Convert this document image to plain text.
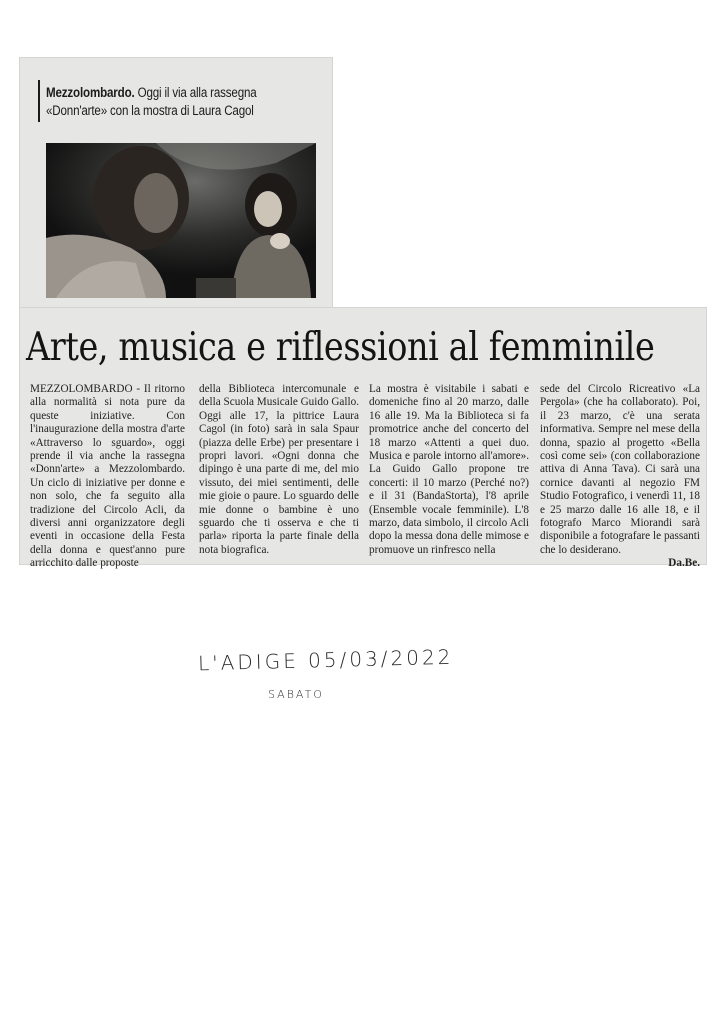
Mezzolombardo. Oggi il via alla rassegna «Donn'arte» con la mostra di Laura Cagol
Arte, musica e riflessioni al femminile

MEZZOLOMBARDO - Il ritorno alla normalità si nota pure da queste iniziative. Con l'inaugurazione della mostra d'arte «Attraverso lo sguardo», oggi prende il via anche la rassegna «Donn'arte» a Mezzolombardo. Un ciclo di iniziative per donne e non solo, che fa seguito alla tradizione del Circolo Acli, da diversi anni organizzatore degli eventi in occasione della Festa della donna e quest'anno pure arricchito dalle proposte

della Biblioteca intercomunale e della Scuola Musicale Guido Gallo. Oggi alle 17, la pittrice Laura Cagol (in foto) sarà in sala Spaur (piazza delle Erbe) per presentare i propri lavori. «Ogni donna che dipingo è una parte di me, del mio vissuto, dei miei sentimenti, delle mie gioie o paure. Lo sguardo delle mie donne o bambine è uno sguardo che ti osserva e che ti parla» riporta la parte finale della nota biografica.

La mostra è visitabile i sabati e domeniche fino al 20 marzo, dalle 16 alle 19. Ma la Biblioteca si fa promotrice anche del concerto del 18 marzo «Attenti a quei duo. Musica e parole intorno all'amore». La Guido Gallo propone tre concerti: il 10 marzo (Perché no?) e il 31 (BandaStorta), l'8 aprile (Ensemble vocale femminile). L'8 marzo, data simbolo, il circolo Acli dopo la messa dona delle mimose e promuove un rinfresco nella

sede del Circolo Ricreativo «La Pergola» (che ha collaborato). Poi, il 23 marzo, c'è una serata informativa. Sempre nel mese della donna, spazio al progetto «Bella così come sei» (con collaborazione attiva di Anna Tava). Ci sarà una cornice davanti al negozio FM Studio Fotografico, i venerdì 11, 18 e 25 marzo dalle 16 alle 18, e il fotografo Marco Miorandi sarà disponibile a fotografare le passanti che lo desiderano.

Da.Be.

L'ADIGE 05/03/2022
SABATO
